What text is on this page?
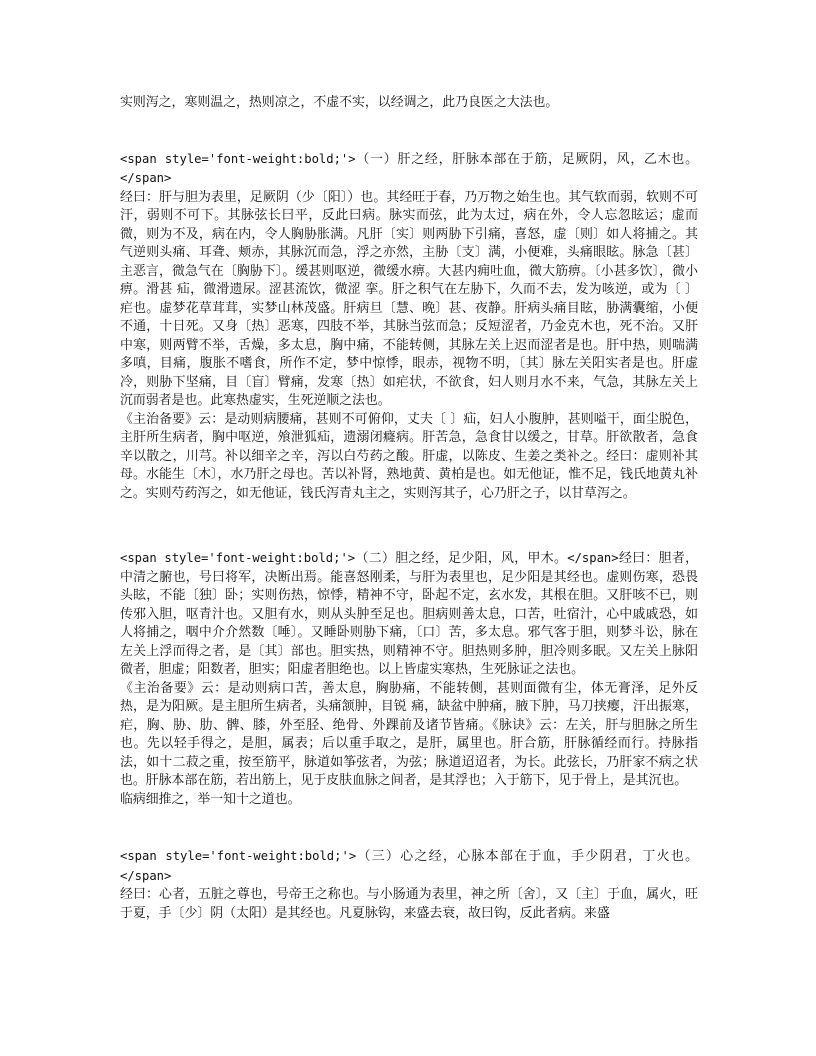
实则泻之，寒则温之，热则凉之，不虚不实，以经调之，此乃良医之大法也。

<span style='font-weight:bold;'>（一）肝之经，肝脉本部在于筋，足厥阴，风，乙木也。</span>

经曰：肝与胆为表里，足厥阴（少〔阳〕）也。其经旺于春，乃万物之始生也。其气软而弱，软则不可汗，弱则不可下。其脉弦长曰平，反此曰病。脉实而弦，此为太过，病在外，令人忘忽眩运；虚而微，则为不及，病在内，令人胸胁胀满。凡肝〔实〕则两胁下引痛，喜怒，虚〔则〕如人将捕之。其气逆则头痛、耳聋、颊赤，其脉沉而急，浮之亦然，主胁〔支〕满，小便难，头痛眼眩。脉急〔甚〕主恶言，微急气在〔胸胁下〕。缓甚则呕逆，微缓水痹。大甚内痈吐血，微大筋痹。〔小甚多饮〕，微小痹。滑甚 疝，微滑遗尿。涩甚流饮，微涩 挛。肝之积气在左胁下，久而不去，发为咳逆，或为〔 〕疟也。虚梦花草茸茸，实梦山林茂盛。肝病旦〔慧、晚〕甚、夜静。肝病头痛目眩，胁满囊缩，小便不通，十日死。又身〔热〕恶寒，四肢不举，其脉当弦而急；反短涩者，乃金克木也，死不治。又肝中寒，则两臂不举，舌燥，多太息，胸中痛，不能转侧，其脉左关上迟而涩者是也。肝中热，则喘满多嗔，目痛，腹胀不嗜食，所作不定，梦中惊悸，眼赤，视物不明，〔其〕脉左关阳实者是也。肝虚冷，则胁下坚痛，目〔盲〕臂痛，发寒〔热〕如疟状，不欲食，妇人则月水不来，气急，其脉左关上沉而弱者是也。此寒热虚实，生死逆顺之法也。

《主治备要》云：是动则病腰痛，甚则不可俯仰，丈夫〔 〕疝，妇人小腹肿，甚则嗌干，面尘脱色，主肝所生病者，胸中呕逆，飧泄狐疝，遗溺闭癃病。肝苦急，急食甘以缓之，甘草。肝欲散者，急食辛以散之，川芎。补以细辛之辛，泻以白芍药之酸。肝虚，以陈皮、生姜之类补之。经曰：虚则补其母。水能生〔木〕，水乃肝之母也。苦以补肾，熟地黄、黄柏是也。如无他证，惟不足，钱氏地黄丸补之。实则芍药泻之，如无他证，钱氏泻青丸主之，实则泻其子，心乃肝之子，以甘草泻之。

<span style='font-weight:bold;'>（二）胆之经，足少阳，风，甲木。</span>经曰：胆者，中清之腑也，号曰将军，决断出焉。能喜怒刚柔，与肝为表里也，足少阳是其经也。虚则伤寒，恐畏头眩，不能〔独〕卧；实则伤热，惊悸，精神不守，卧起不定，玄水发，其根在胆。又肝咳不已，则传邪入胆，呕青汁也。又胆有水，则从头肿至足也。胆病则善太息，口苦，吐宿汁，心中戚戚恐，如人将捕之，咽中介介然数〔唾〕。又睡卧则胁下痛，〔口〕苦，多太息。邪气客于胆，则梦斗讼，脉在左关上浮而得之者，是〔其〕部也。胆实热，则精神不守。胆热则多肿，胆冷则多眠。又左关上脉阳微者，胆虚；阳数者，胆实；阳虚者胆绝也。以上皆虚实寒热，生死脉证之法也。

《主治备要》云：是动则病口苦，善太息，胸胁痛，不能转侧，甚则面微有尘，体无膏泽，足外反热，是为阳厥。是主胆所生病者，头痛颔肿，目锐 痛，缺盆中肿痛，腋下肿，马刀挟瘿，汗出振寒，疟，胸、胁、肋、髀、膝，外至胫、绝骨、外踝前及诸节皆痛。《脉诀》云：左关，肝与胆脉之所生也。先以轻手得之，是胆，属表；后以重手取之，是肝，属里也。肝合筋，肝脉循经而行。持脉指法，如十二菽之重，按至筋平，脉道如筝弦者，为弦；脉道迢迢者，为长。此弦长，乃肝家不病之状也。肝脉本部在筋，若出筋上，见于皮肤血脉之间者，是其浮也；入于筋下，见于骨上，是其沉也。

临病细推之，举一知十之道也。

<span style='font-weight:bold;'>（三）心之经，心脉本部在于血，手少阴君，丁火也。</span>

经曰：心者，五脏之尊也，号帝王之称也。与小肠通为表里，神之所〔舍〕，又〔主〕于血，属火，旺于夏，手〔少〕阴（太阳）是其经也。凡夏脉钩，来盛去衰，故曰钩，反此者病。来盛
